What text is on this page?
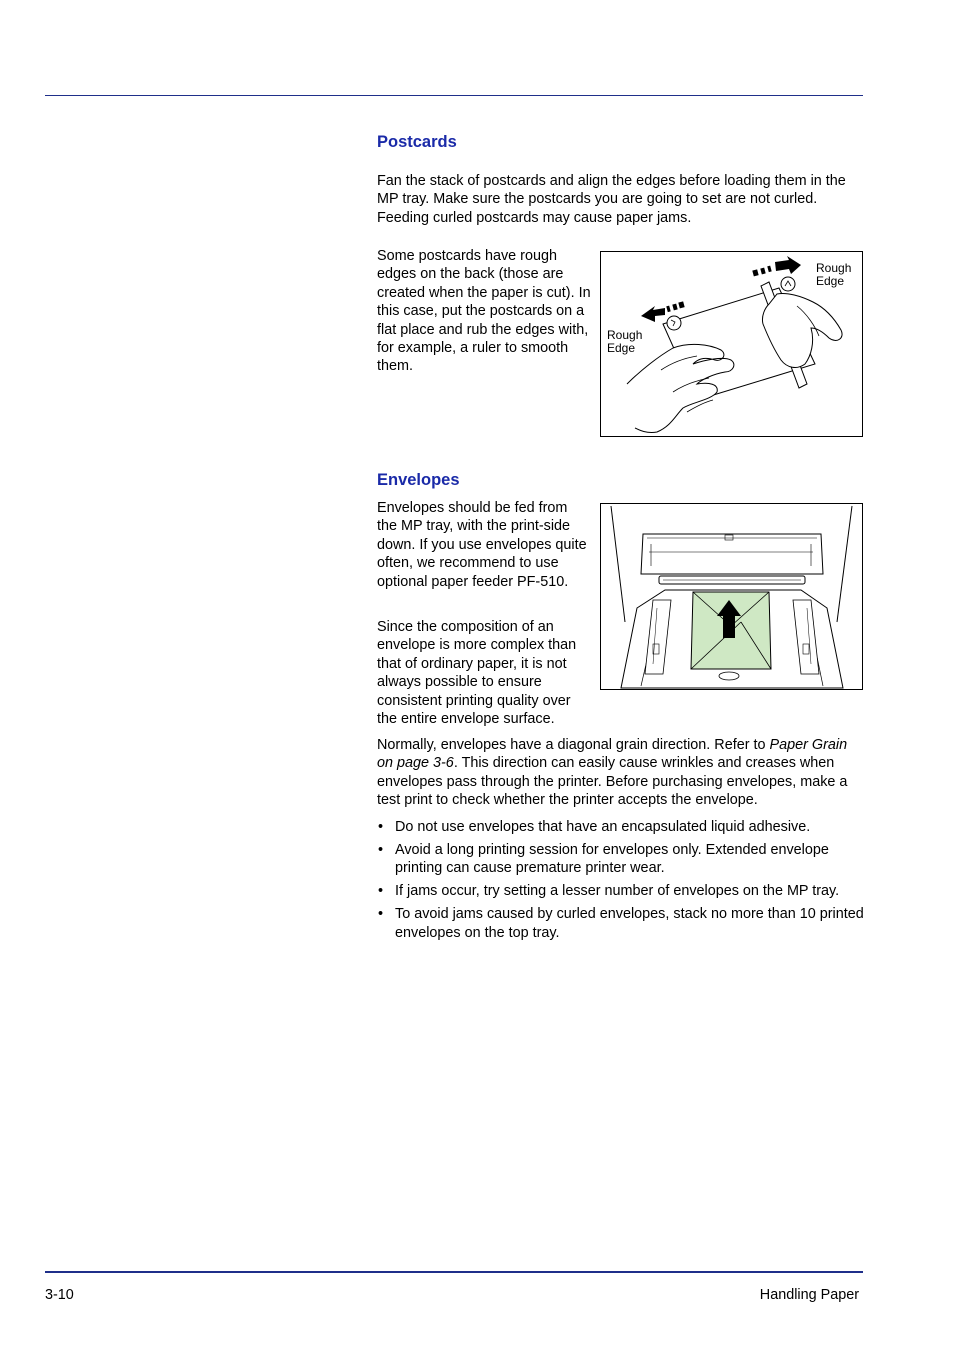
Postcards

Fan the stack of postcards and align the edges before loading them in the MP tray. Make sure the postcards you are going to set are not curled. Feeding curled postcards may cause paper jams.

Some postcards have rough edges on the back (those are created when the paper is cut). In this case, put the postcards on a flat place and rub the edges with, for example, a ruler to smooth them.

Rough
Edge
Rough
Edge
Envelopes

Envelopes should be fed from the MP tray, with the print-side down. If you use envelopes quite often, we recommend to use optional paper feeder PF-510.

Since the composition of an envelope is more complex than that of ordinary paper, it is not always possible to ensure consistent printing quality over the entire envelope surface.

Normally, envelopes have a diagonal grain direction. Refer to Paper Grain on page 3-6. This direction can easily cause wrinkles and creases when envelopes pass through the printer. Before purchasing envelopes, make a test print to check whether the printer accepts the envelope.

• Do not use envelopes that have an encapsulated liquid adhesive.
• Avoid a long printing session for envelopes only. Extended envelope printing can cause premature printer wear.
• If jams occur, try setting a lesser number of envelopes on the MP tray.
• To avoid jams caused by curled envelopes, stack no more than 10 printed envelopes on the top tray.
3-10	Handling Paper
